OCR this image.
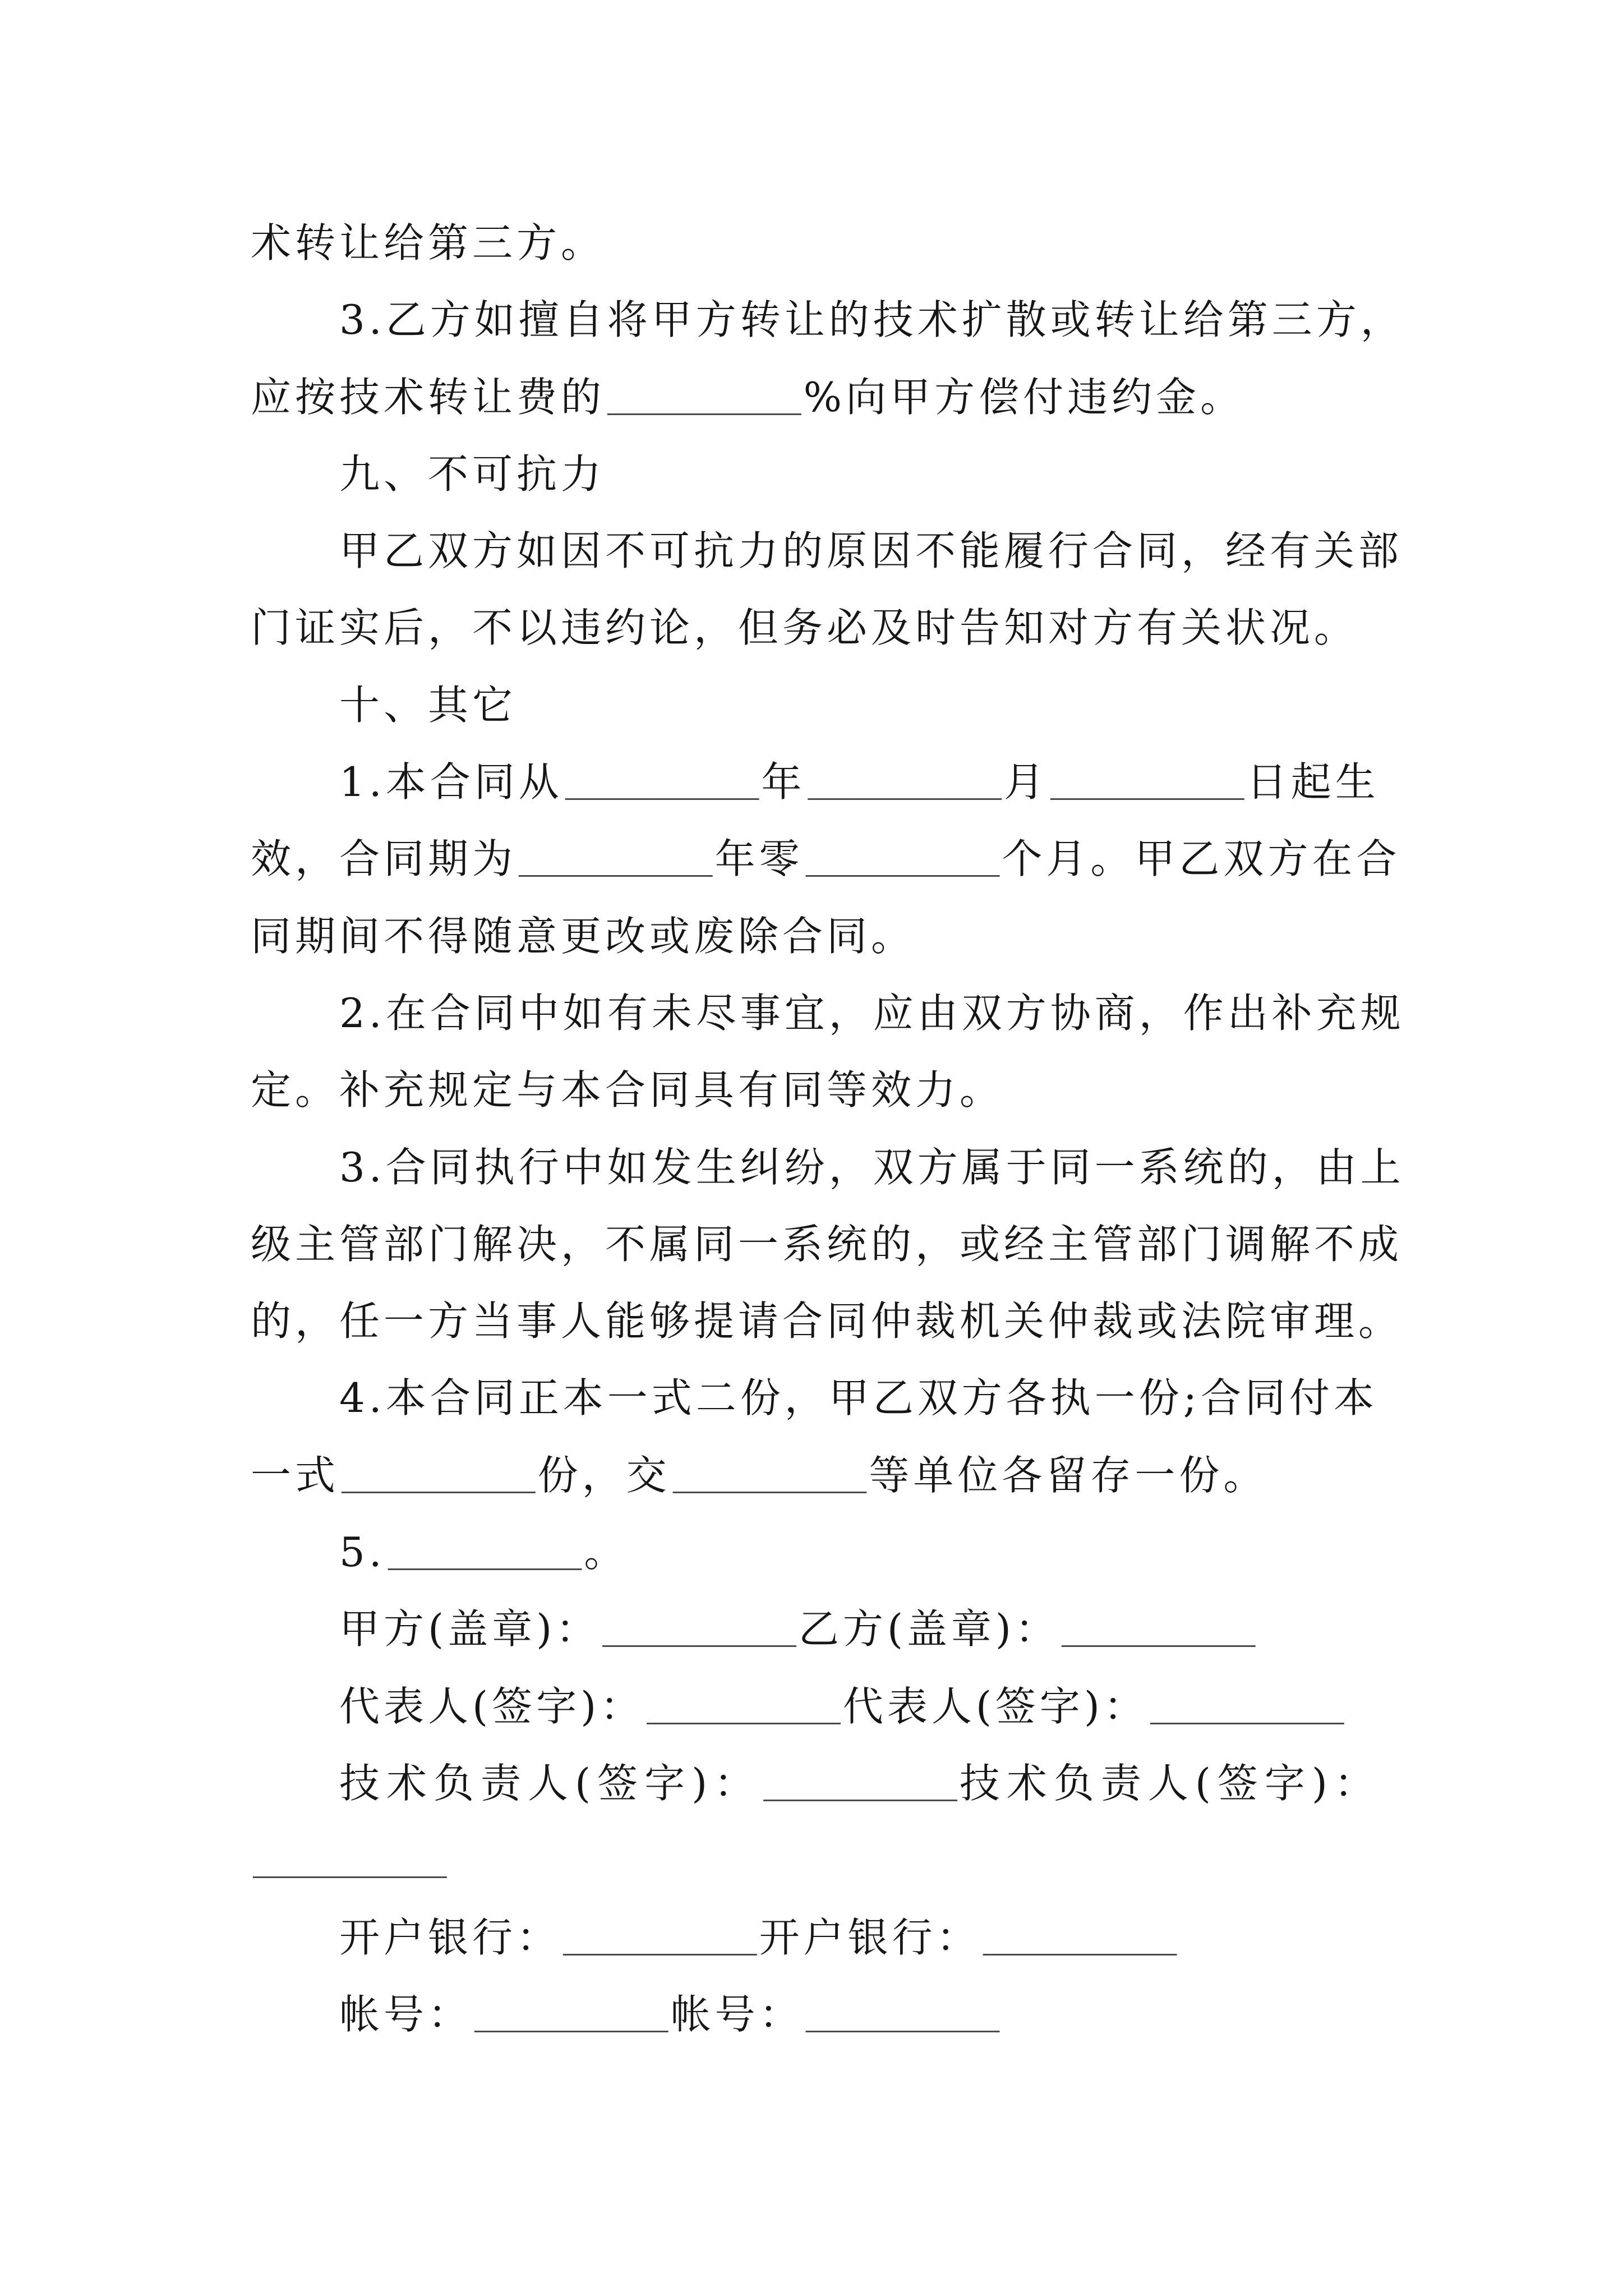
术转让给第三方。
3.乙方如擅自将甲方转让的技术扩散或转让给第三方，
应按技术转让费的_________%向甲方偿付违约金。
九、不可抗力
甲乙双方如因不可抗力的原因不能履行合同，经有关部
门证实后，不以违约论，但务必及时告知对方有关状况。
十、其它
1.本合同从_________年_________月_________日起生
效，合同期为_________年零_________个月。甲乙双方在合
同期间不得随意更改或废除合同。
2.在合同中如有未尽事宜，应由双方协商，作出补充规
定。补充规定与本合同具有同等效力。
3.合同执行中如发生纠纷，双方属于同一系统的，由上
级主管部门解决，不属同一系统的，或经主管部门调解不成
的，任一方当事人能够提请合同仲裁机关仲裁或法院审理。
4.本合同正本一式二份，甲乙双方各执一份;合同付本
一式_________份，交_________等单位各留存一份。
5._________。
甲方(盖章)：_________乙方(盖章)：_________
代表人(签字)：_________代表人(签字)：_________
技术负责人(签字)：_________技术负责人(签字)：
_________
开户银行：_________开户银行：_________
帐号：_________帐号：_________
